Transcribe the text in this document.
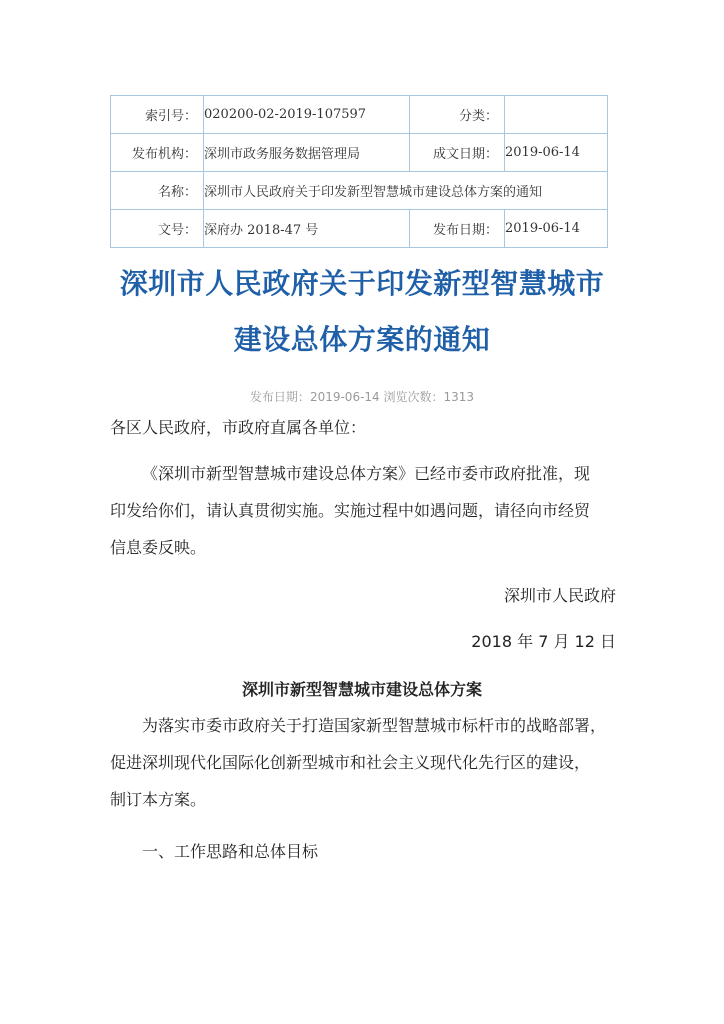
索引号：	020200-02-2019-107597	分类：	
发布机构：	深圳市政务服务数据管理局	成文日期：	2019-06-14
名称：	深圳市人民政府关于印发新型智慧城市建设总体方案的通知		
文号：	深府办 2018-47 号	发布日期：	2019-06-14
深圳市人民政府关于印发新型智慧城市
建设总体方案的通知
发布日期：2019-06-14 浏览次数：1313

各区人民政府，市政府直属各单位：

《深圳市新型智慧城市建设总体方案》已经市委市政府批准，现
印发给你们，请认真贯彻实施。实施过程中如遇问题，请径向市经贸
信息委反映。

深圳市人民政府

2018 年 7 月 12 日

深圳市新型智慧城市建设总体方案

为落实市委市政府关于打造国家新型智慧城市标杆市的战略部署，
促进深圳现代化国际化创新型城市和社会主义现代化先行区的建设，
制订本方案。

一、工作思路和总体目标
